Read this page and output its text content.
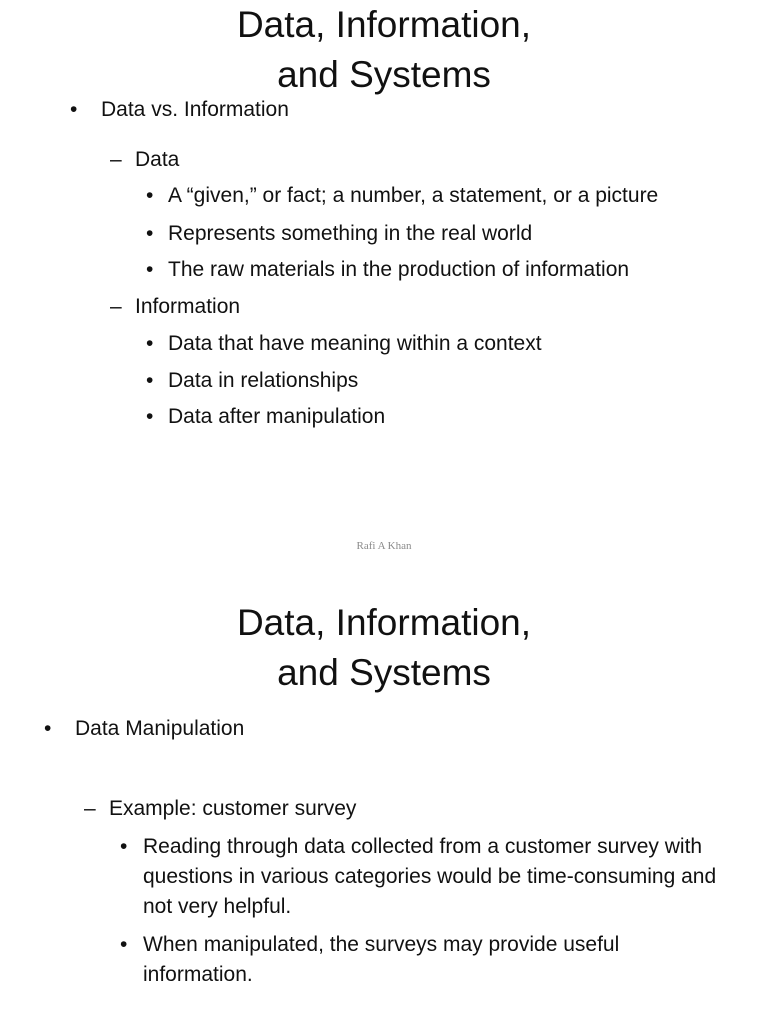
Data, Information,
and Systems
• Data vs. Information
– Data
• A “given,” or fact; a number, a statement, or a picture
• Represents something in the real world
• The raw materials in the production of information
– Information
• Data that have meaning within a context
• Data in relationships
• Data after manipulation
Rafi A Khan
Data, Information,
and Systems
• Data Manipulation
– Example: customer survey
• Reading through data collected from a customer survey with questions in various categories would be time-consuming and not very helpful.
• When manipulated, the surveys may provide useful information.
